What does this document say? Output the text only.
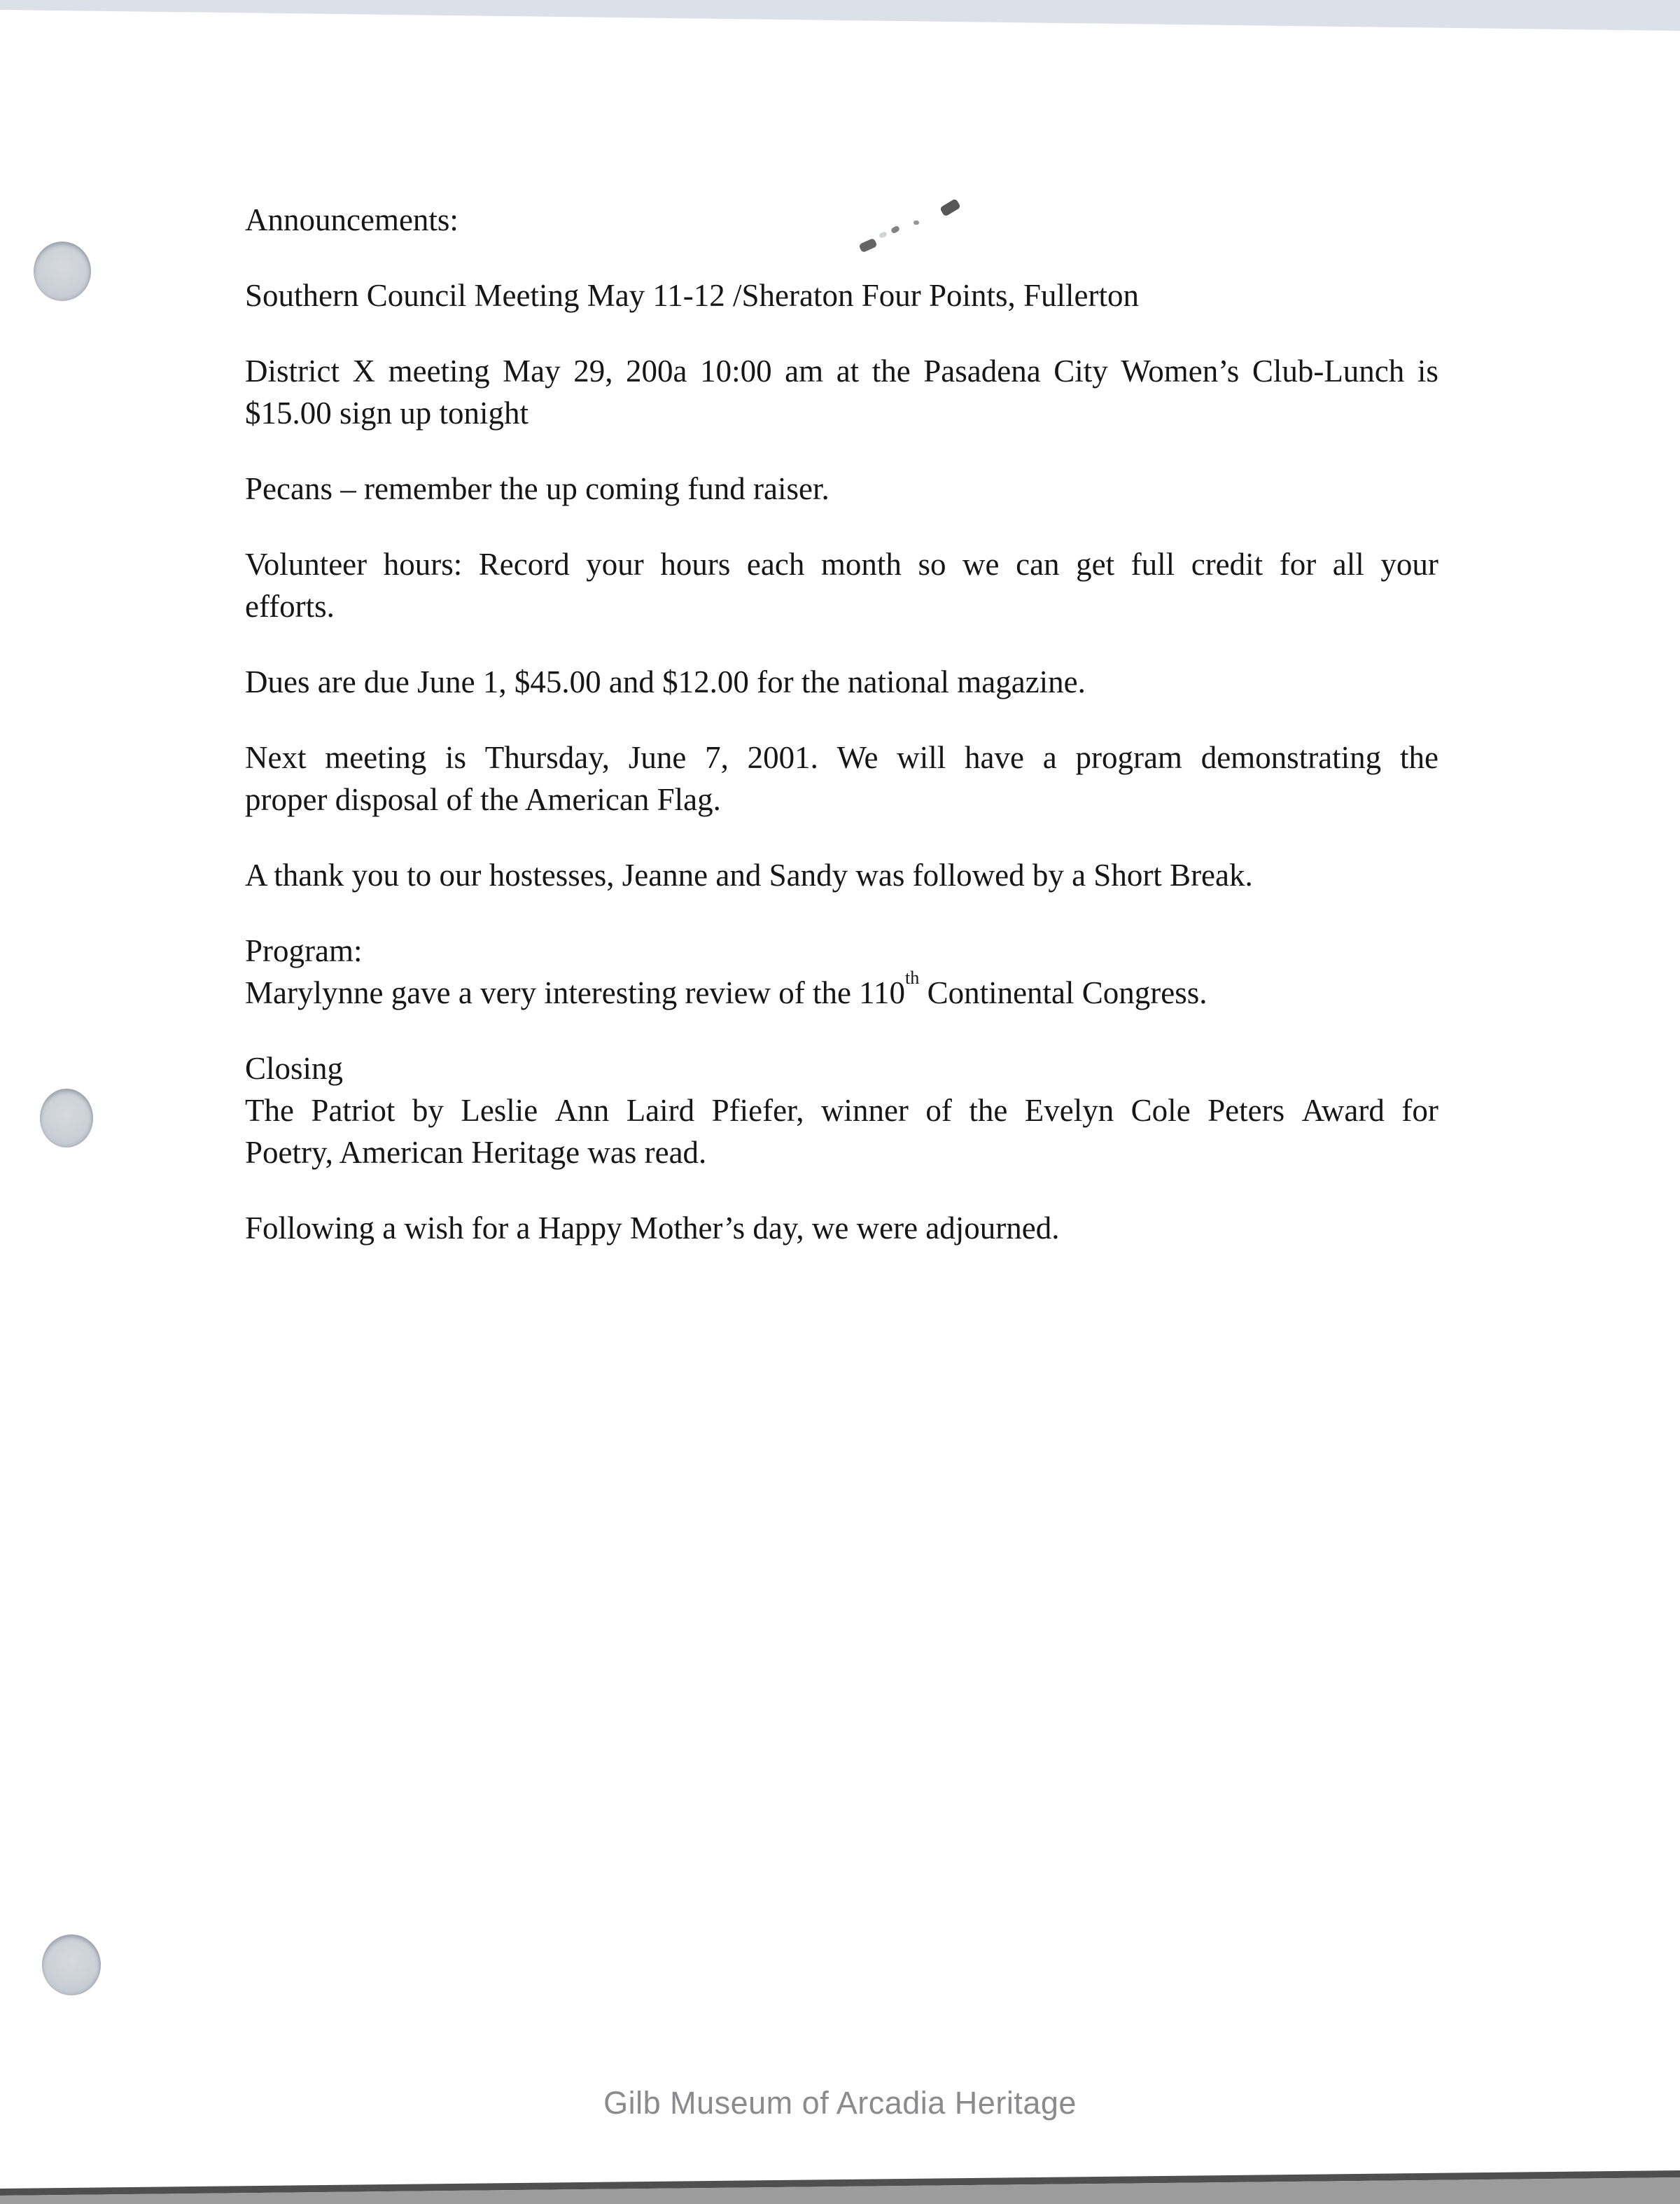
Announcements:
Southern Council Meeting May 11-12 /Sheraton Four Points, Fullerton
District X meeting May 29, 200a 10:00 am at the Pasadena City Women’s Club-Lunch is
$15.00 sign up tonight
Pecans – remember the up coming fund raiser.
Volunteer hours: Record your hours each month so we can get full credit for all your
efforts.
Dues are due June 1, $45.00 and $12.00 for the national magazine.
Next meeting is Thursday, June 7, 2001. We will have a program demonstrating the
proper disposal of the American Flag.
A thank you to our hostesses, Jeanne and Sandy was followed by a Short Break.
Program:
Marylynne gave a very interesting review of the 110th Continental Congress.
Closing
The Patriot by Leslie Ann Laird Pfiefer, winner of the Evelyn Cole Peters Award for
Poetry, American Heritage was read.
Following a wish for a Happy Mother’s day, we were adjourned.
Gilb Museum of Arcadia Heritage
